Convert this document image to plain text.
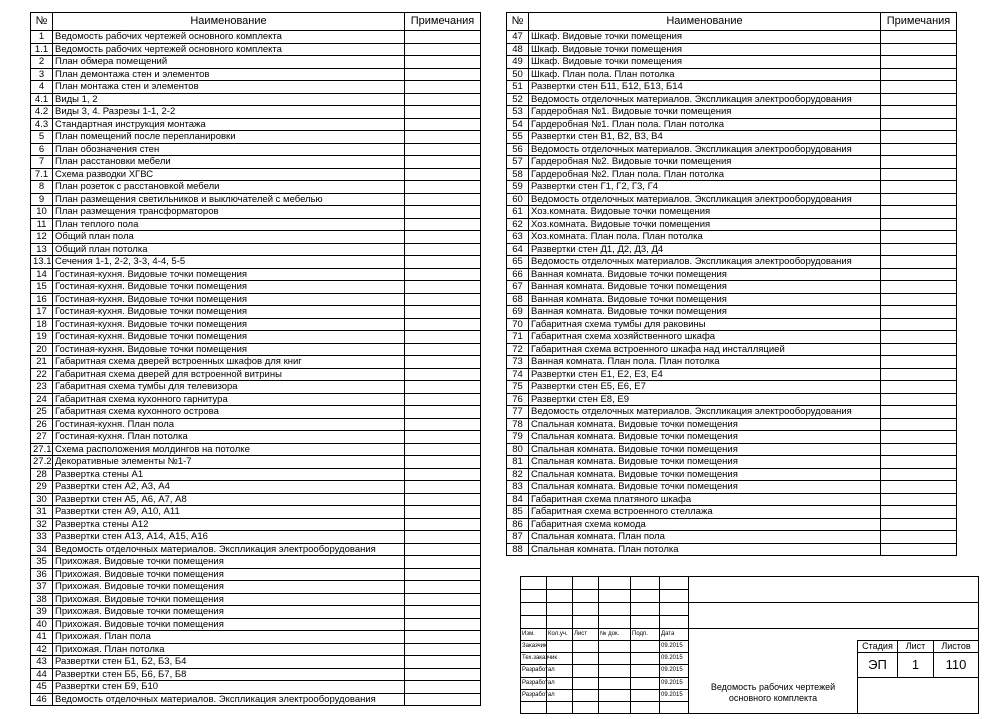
№	Наименование	Примечания
1	Ведомость рабочих чертежей основного комплекта	
1.1	Ведомость рабочих чертежей основного комплекта	
2	План обмера помещений	
3	План демонтажа стен и элементов	
4	План монтажа стен и элементов	
4.1	Виды 1, 2	
4.2	Виды 3, 4. Разрезы 1-1, 2-2	
4.3	Стандартная инструкция монтажа	
5	План помещений после перепланировки	
6	План обозначения стен	
7	План расстановки мебели	
7.1	Схема разводки ХГВС	
8	План розеток с расстановкой мебели	
9	План размещения светильников и выключателей с мебелью	
10	План размещения трансформаторов	
11	План теплого пола	
12	Общий план пола	
13	Общий план потолка	
13.1	Сечения 1-1, 2-2, 3-3, 4-4, 5-5	
14	Гостиная-кухня. Видовые точки помещения	
15	Гостиная-кухня. Видовые точки помещения	
16	Гостиная-кухня. Видовые точки помещения	
17	Гостиная-кухня. Видовые точки помещения	
18	Гостиная-кухня. Видовые точки помещения	
19	Гостиная-кухня. Видовые точки помещения	
20	Гостиная-кухня. Видовые точки помещения	
21	Габаритная схема дверей встроенных шкафов для книг	
22	Габаритная схема дверей для встроенной витрины	
23	Габаритная схема тумбы для телевизора	
24	Габаритная схема кухонного гарнитура	
25	Габаритная схема кухонного острова	
26	Гостиная-кухня. План пола	
27	Гостиная-кухня. План потолка	
27.1	Схема расположения молдингов на потолке	
27.2	Декоративные элементы №1-7	
28	Развертка стены А1	
29	Развертки стен А2, А3, А4	
30	Развертки стен А5, А6, А7, А8	
31	Развертки стен А9, А10, А11	
32	Развертка стены А12	
33	Развертки стен А13, А14, А15, А16	
34	Ведомость отделочных материалов. Экспликация электрооборудования	
35	Прихожая. Видовые точки помещения	
36	Прихожая. Видовые точки помещения	
37	Прихожая. Видовые точки помещения	
38	Прихожая. Видовые точки помещения	
39	Прихожая. Видовые точки помещения	
40	Прихожая. Видовые точки помещения	
41	Прихожая. План пола	
42	Прихожая. План потолка	
43	Развертки стен Б1, Б2, Б3, Б4	
44	Развертки стен Б5, Б6, Б7, Б8	
45	Развертки стен Б9, Б10	
46	Ведомость отделочных материалов. Экспликация электрооборудования	
№	Наименование	Примечания
47	Шкаф. Видовые точки помещения	
48	Шкаф. Видовые точки помещения	
49	Шкаф. Видовые точки помещения	
50	Шкаф. План пола. План потолка	
51	Развертки стен Б11, Б12, Б13, Б14	
52	Ведомость отделочных материалов. Экспликация электрооборудования	
53	Гардеробная №1. Видовые точки помещения	
54	Гардеробная №1. План пола. План потолка	
55	Развертки стен В1, В2, В3, В4	
56	Ведомость отделочных материалов. Экспликация электрооборудования	
57	Гардеробная №2. Видовые точки помещения	
58	Гардеробная №2. План пола. План потолка	
59	Развертки стен Г1, Г2, Г3, Г4	
60	Ведомость отделочных материалов. Экспликация электрооборудования	
61	Хоз.комната. Видовые точки помещения	
62	Хоз.комната. Видовые точки помещения	
63	Хоз.комната. План пола. План потолка	
64	Развертки стен Д1, Д2, Д3, Д4	
65	Ведомость отделочных материалов. Экспликация электрооборудования	
66	Ванная комната. Видовые точки помещения	
67	Ванная комната. Видовые точки помещения	
68	Ванная комната. Видовые точки помещения	
69	Ванная комната. Видовые точки помещения	
70	Габаритная схема тумбы для раковины	
71	Габаритная схема хозяйственного шкафа	
72	Габаритная схема встроенного шкафа над инсталляцией	
73	Ванная комната. План пола. План потолка	
74	Развертки стен Е1, Е2, Е3, Е4	
75	Развертки стен Е5, Е6, Е7	
76	Развертки стен Е8, Е9	
77	Ведомость отделочных материалов. Экспликация электрооборудования	
78	Спальная комната. Видовые точки помещения	
79	Спальная комната. Видовые точки помещения	
80	Спальная комната. Видовые точки помещения	
81	Спальная комната. Видовые точки помещения	
82	Спальная комната. Видовые точки помещения	
83	Спальная комната. Видовые точки помещения	
84	Габаритная схема платяного шкафа	
85	Габаритная схема встроенного стеллажа	
86	Габаритная схема комода	
87	Спальная комната. План пола	
88	Спальная комната. План потолка	
Изм. Кол.уч. Лист № док. Подп. Дата
Заказчик	09.2015
Тех.заказчик	09.2015
Разработал	09.2015
Разработал	09.2015
Разработал	09.2015
Стадия	Лист	Листов
ЭП	1	110
Ведомость рабочих чертежей основного комплекта
